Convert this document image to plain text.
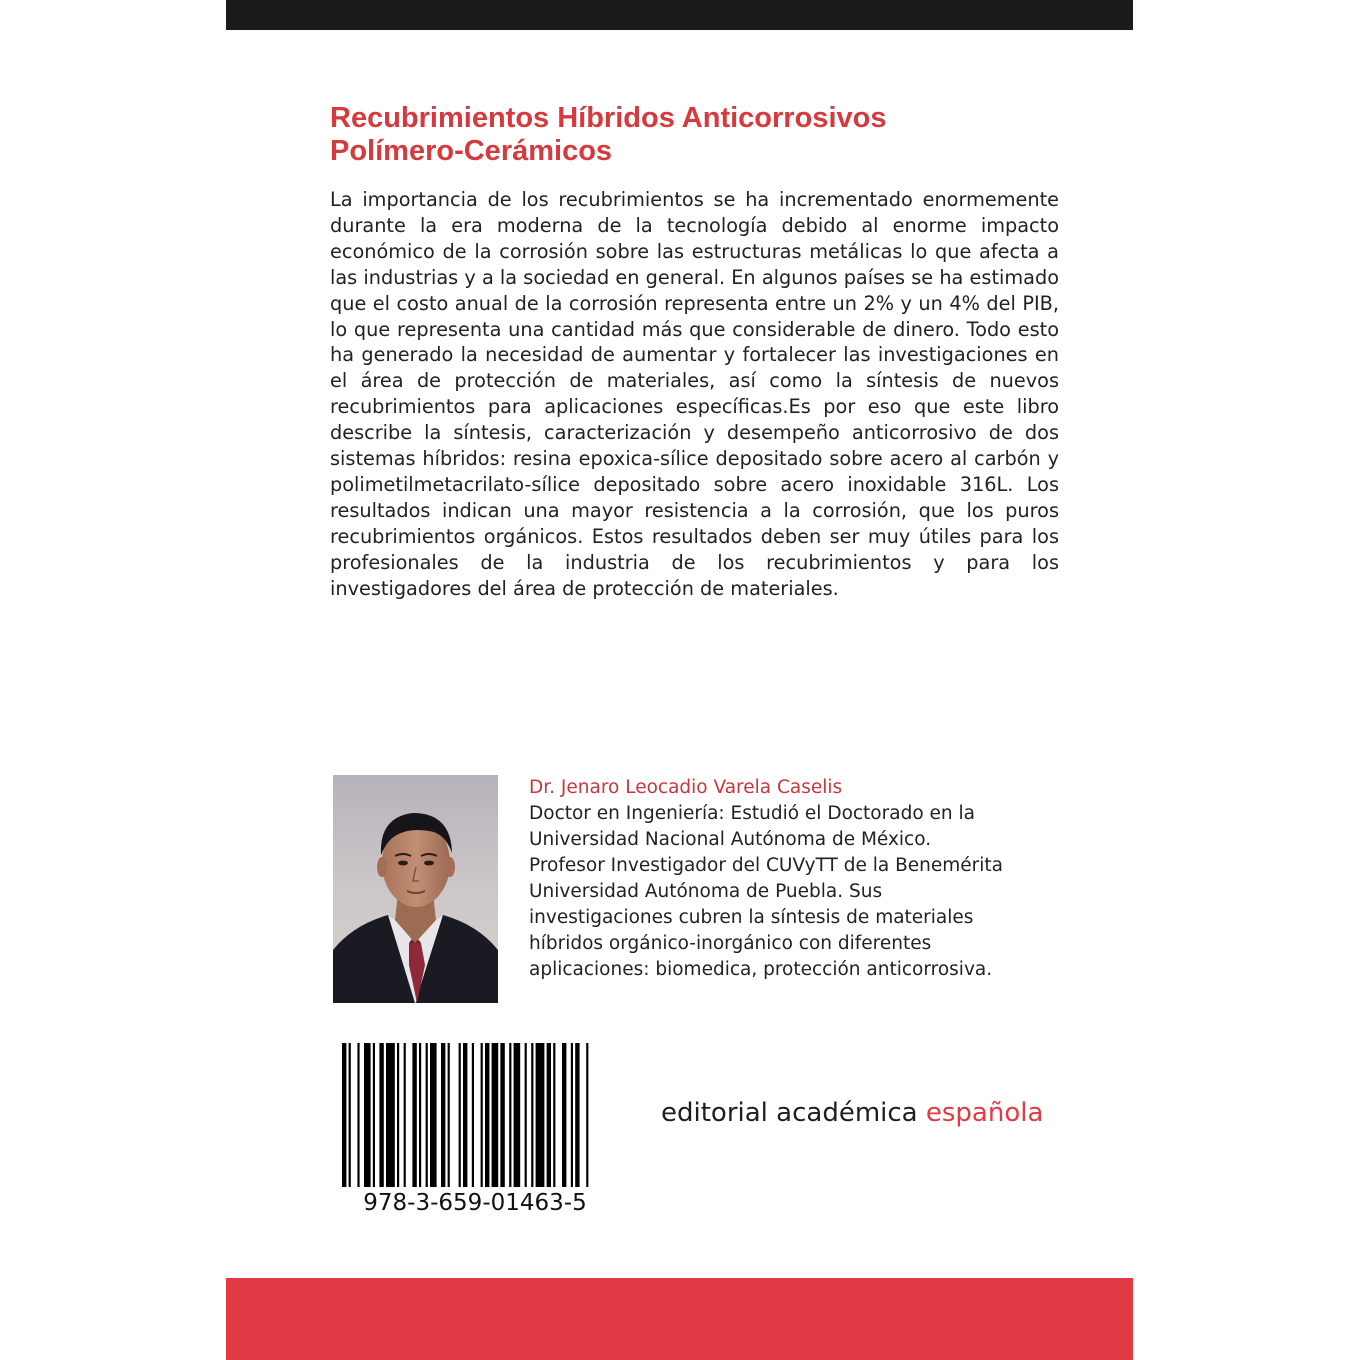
Recubrimientos Híbridos Anticorrosivos
Polímero-Cerámicos

La importancia de los recubrimientos se ha incrementado enormemente durante la era moderna de la tecnología debido al enorme impacto económico de la corrosión sobre las estructuras metálicas lo que afecta a las industrias y a la sociedad en general. En algunos países se ha estimado que el costo anual de la corrosión representa entre un 2% y un 4% del PIB, lo que representa una cantidad más que considerable de dinero. Todo esto ha generado la necesidad de aumentar y fortalecer las investigaciones en el área de protección de materiales, así como la síntesis de nuevos recubrimientos para aplicaciones específicas.Es por eso que este libro describe la síntesis, caracterización y desempeño anticorrosivo de dos sistemas híbridos: resina epoxica-sílice depositado sobre acero al carbón y polimetilmetacrilato-sílice depositado sobre acero inoxidable 316L. Los resultados indican una mayor resistencia a la corrosión, que los puros recubrimientos orgánicos. Estos resultados deben ser muy útiles para los profesionales de la industria de los recubrimientos y para los investigadores del área de protección de materiales.

Dr. Jenaro Leocadio Varela Caselis

Doctor en Ingeniería: Estudió el Doctorado en la
Universidad Nacional Autónoma de México.
Profesor Investigador del CUVyTT de la Benemérita
Universidad Autónoma de Puebla. Sus
investigaciones cubren la síntesis de materiales
híbridos orgánico-inorgánico con diferentes
aplicaciones: biomedica, protección anticorrosiva.

978-3-659-01463-5
editorial académica española
